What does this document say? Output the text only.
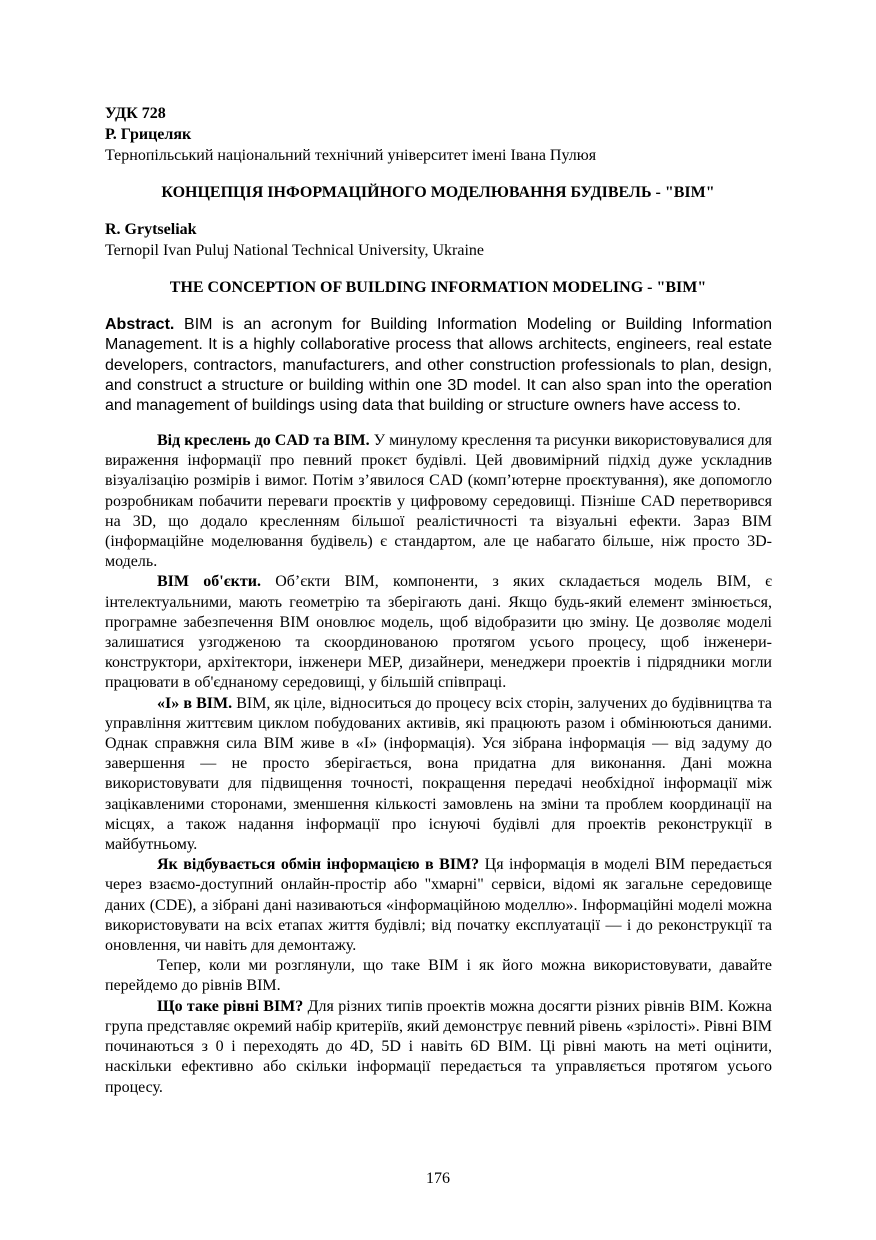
УДК 728
Р. Грицеляк
Тернопільський національний технічний університет імені Івана Пулюя
КОНЦЕПЦІЯ ІНФОРМАЦІЙНОГО МОДЕЛЮВАННЯ БУДІВЕЛЬ - "BIM"
R. Grytseliak
Ternopil Ivan Puluj National Technical University, Ukraine
THE CONCEPTION OF BUILDING INFORMATION MODELING - "BIM"
Abstract. BIM is an acronym for Building Information Modeling or Building Information Management. It is a highly collaborative process that allows architects, engineers, real estate developers, contractors, manufacturers, and other construction professionals to plan, design, and construct a structure or building within one 3D model. It can also span into the operation and management of buildings using data that building or structure owners have access to.

Від креслень до CAD та BIM. У минулому креслення та рисунки використовувалися для вираження інформації про певний прокєт будівлі. Цей двовимірний підхід дуже ускладнив візуалізацію розмірів і вимог. Потім з’явилося CAD (комп’ютерне проєктування), яке допомогло розробникам побачити переваги проєктів у цифровому середовищі. Пізніше CAD перетворився на 3D, що додало кресленням більшої реалістичності та візуальні ефекти. Зараз BIM (інформаційне моделювання будівель) є стандартом, але це набагато більше, ніж просто 3D-модель.

BIM об'єкти. Об’єкти BIM, компоненти, з яких складається модель BIM, є інтелектуальними, мають геометрію та зберігають дані. Якщо будь-який елемент змінюється, програмне забезпечення BIM оновлює модель, щоб відобразити цю зміну. Це дозволяє моделі залишатися узгодженою та скоординованою протягом усього процесу, щоб інженери-конструктори, архітектори, інженери MEP, дизайнери, менеджери проектів і підрядники могли працювати в об'єднаному середовищі, у більшій співпраці.

«I» в BIM. BIM, як ціле, відноситься до процесу всіх сторін, залучених до будівництва та управління життєвим циклом побудованих активів, які працюють разом і обмінюються даними. Однак справжня сила BIM живе в «I» (інформація). Уся зібрана інформація — від задуму до завершення — не просто зберігається, вона придатна для виконання. Дані можна використовувати для підвищення точності, покращення передачі необхідної інформації між зацікавленими сторонами, зменшення кількості замовлень на зміни та проблем координації на місцях, а також надання інформації про існуючі будівлі для проектів реконструкції в майбутньому.

Як відбувається обмін інформацією в BIM? Ця інформація в моделі BIM передається через взаємо-доступний онлайн-простір або "хмарні" сервіси, відомі як загальне середовище даних (CDE), а зібрані дані називаються «інформаційною моделлю». Інформаційні моделі можна використовувати на всіх етапах життя будівлі; від початку експлуатації — і до реконструкції та оновлення, чи навіть для демонтажу.

Тепер, коли ми розглянули, що таке BIM і як його можна використовувати, давайте перейдемо до рівнів BIM.

Що таке рівні BIM? Для різних типів проектів можна досягти різних рівнів BIM. Кожна група представляє окремий набір критеріїв, який демонструє певний рівень «зрілості». Рівні BIM починаються з 0 і переходять до 4D, 5D і навіть 6D BIM. Ці рівні мають на меті оцінити, наскільки ефективно або скільки інформації передається та управляється протягом усього процесу.

176
